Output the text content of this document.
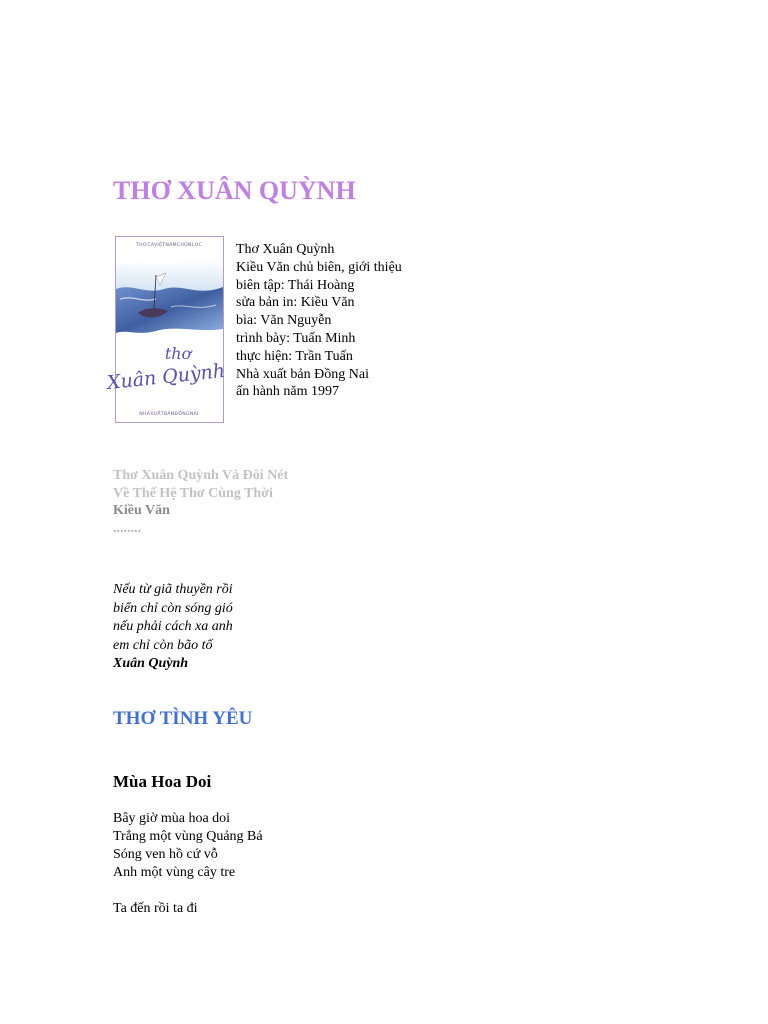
THƠ XUÂN QUỲNH
THƠCAVIỆTNAMCHỌNLỌC
thơ
Xuân Quỳnh
NHÀXUẤTBẢNĐỒNGNAI
Thơ Xuân Quỳnh
Kiều Văn chủ biên, giới thiệu
biên tập: Thái Hoàng
sửa bản in: Kiều Văn
bìa: Văn Nguyễn
trình bày: Tuấn Minh
thực hiện: Trần Tuấn
Nhà xuất bản Đồng Nai
ấn hành năm 1997
Thơ Xuân Quỳnh Và Đôi Nét
Về Thế Hệ Thơ Cùng Thời
Kiều Văn
........
Nếu từ giã thuyền rồi
biển chỉ còn sóng gió
nếu phải cách xa anh
em chỉ còn bão tố
Xuân Quỳnh
THƠ TÌNH YÊU
Mùa Hoa Doi
Bây giờ mùa hoa doi
Trắng một vùng Quảng Bá
Sóng ven hồ cứ vỗ
Anh một vùng cây tre
Ta đến rồi ta đi
